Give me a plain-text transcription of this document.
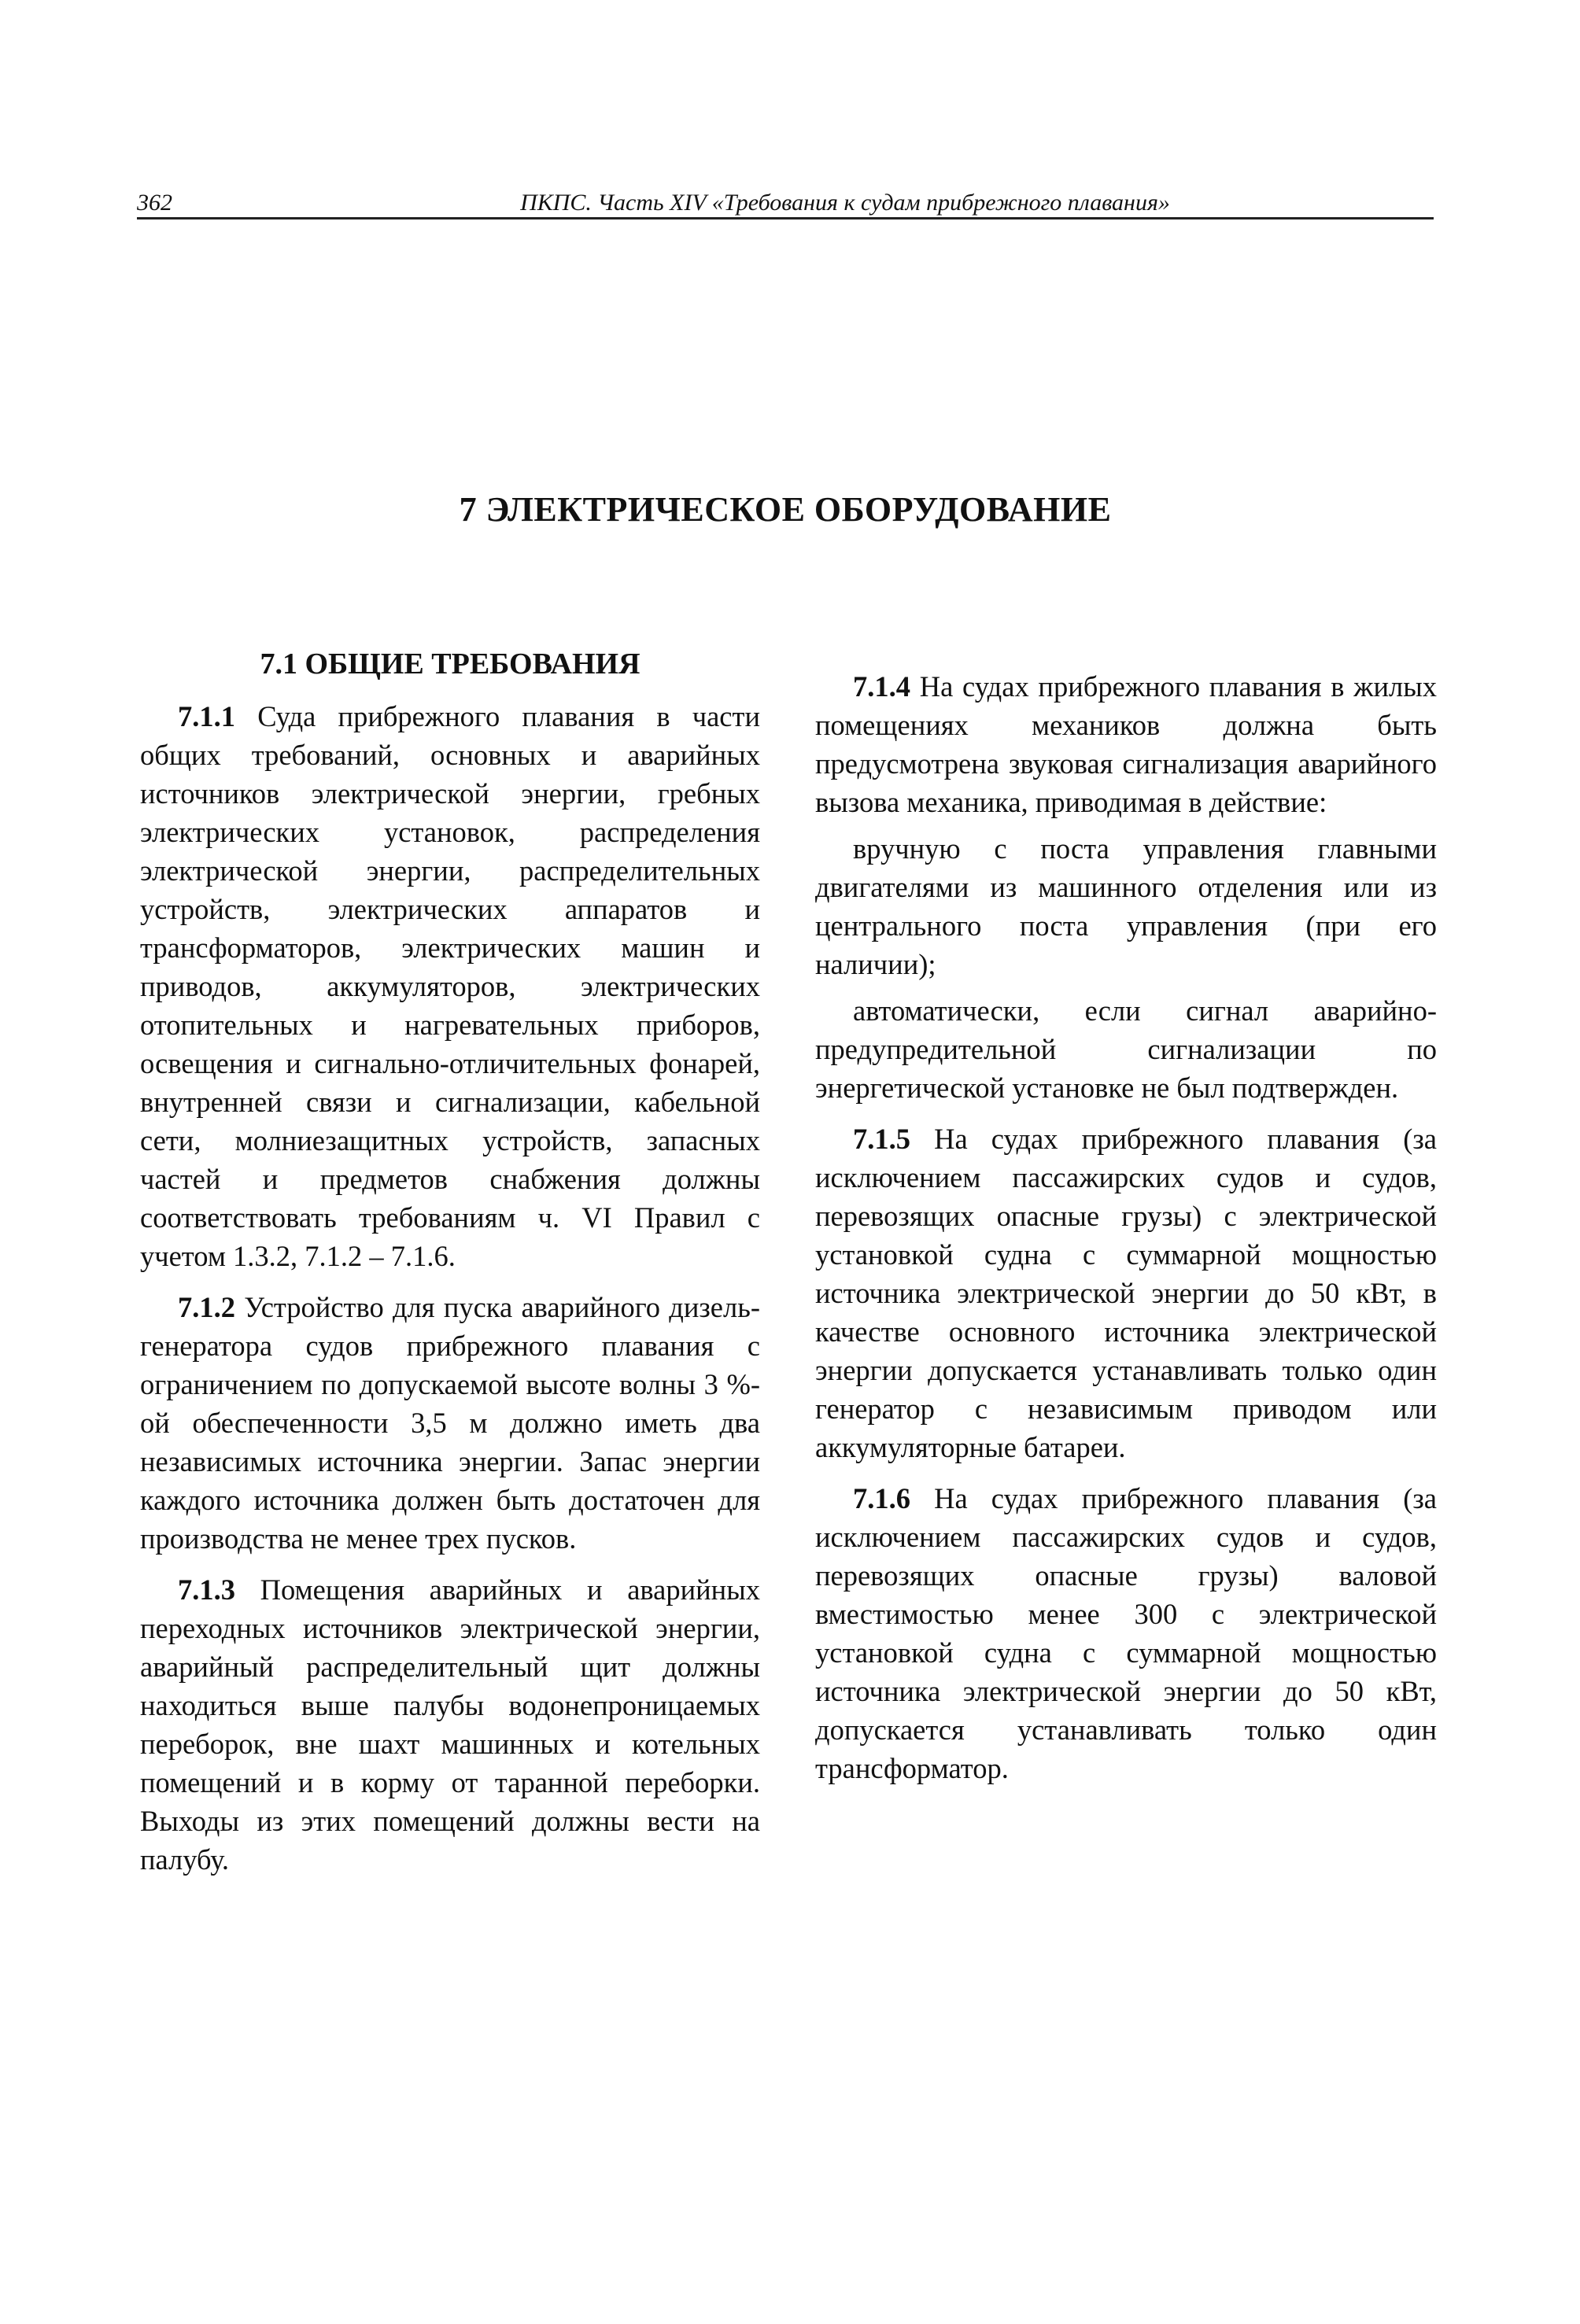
362	ПКПС. Часть XIV «Требования к судам прибрежного плавания»
7 ЭЛЕКТРИЧЕСКОЕ ОБОРУДОВАНИЕ
7.1 ОБЩИЕ ТРЕБОВАНИЯ

7.1.1 Суда прибрежного плавания в части общих требований, основных и аварийных источников электрической энергии, гребных электрических установок, распределения электрической энергии, распределительных устройств, электрических аппаратов и трансформаторов, электрических машин и приводов, аккумуляторов, электрических отопительных и нагревательных приборов, освещения и сигнально-отличительных фонарей, внутренней связи и сигнализации, кабельной сети, молниезащитных устройств, запасных частей и предметов снабжения должны соответствовать требованиям ч. VI Правил с учетом 1.3.2, 7.1.2 – 7.1.6.

7.1.2 Устройство для пуска аварийного дизель-генератора судов прибрежного плавания с ограничением по допускаемой высоте волны 3 %-ой обеспеченности 3,5 м должно иметь два независимых источника энергии. Запас энергии каждого источника должен быть достаточен для производства не менее трех пусков.

7.1.3 Помещения аварийных и аварийных переходных источников электрической энергии, аварийный распределительный щит должны находиться выше палубы водонепроницаемых переборок, вне шахт машинных и котельных помещений и в корму от таранной переборки. Выходы из этих помещений должны вести на палубу.

7.1.4 На судах прибрежного плавания в жилых помещениях механиков должна быть предусмотрена звуковая сигнализация аварийного вызова механика, приводимая в действие:

вручную с поста управления главными двигателями из машинного отделения или из центрального поста управления (при его наличии);

автоматически, если сигнал аварийно-предупредительной сигнализации по энергетической установке не был подтвержден.

7.1.5 На судах прибрежного плавания (за исключением пассажирских судов и судов, перевозящих опасные грузы) с электрической установкой судна с суммарной мощностью источника электрической энергии до 50 кВт, в качестве основного источника электрической энергии допускается устанавливать только один генератор с независимым приводом или аккумуляторные батареи.

7.1.6 На судах прибрежного плавания (за исключением пассажирских судов и судов, перевозящих опасные грузы) валовой вместимостью менее 300 с электрической установкой судна с суммарной мощностью источника электрической энергии до 50 кВт, допускается устанавливать только один трансформатор.
